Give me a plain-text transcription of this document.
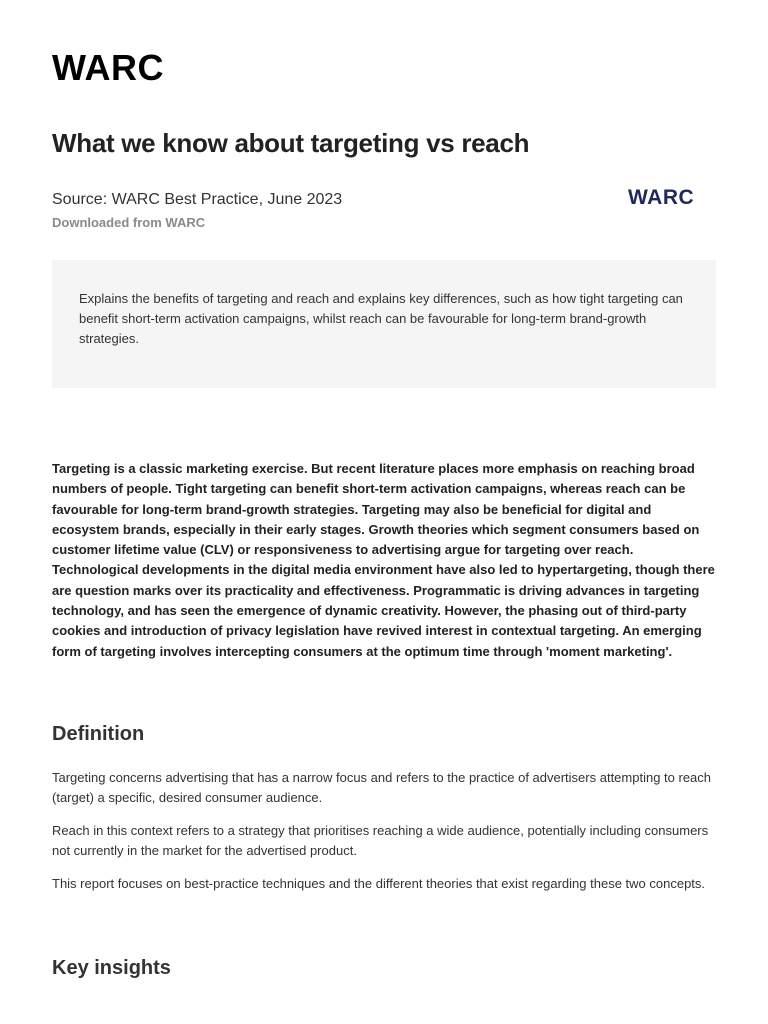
WARC
What we know about targeting vs reach
Source: WARC Best Practice, June 2023
Downloaded from WARC
WARC

Explains the benefits of targeting and reach and explains key differences, such as how tight targeting can benefit short-term activation campaigns, whilst reach can be favourable for long-term brand-growth strategies.

Targeting is a classic marketing exercise. But recent literature places more emphasis on reaching broad numbers of people. Tight targeting can benefit short-term activation campaigns, whereas reach can be favourable for long-term brand-growth strategies. Targeting may also be beneficial for digital and ecosystem brands, especially in their early stages. Growth theories which segment consumers based on customer lifetime value (CLV) or responsiveness to advertising argue for targeting over reach. Technological developments in the digital media environment have also led to hypertargeting, though there are question marks over its practicality and effectiveness. Programmatic is driving advances in targeting technology, and has seen the emergence of dynamic creativity. However, the phasing out of third-party cookies and introduction of privacy legislation have revived interest in contextual targeting. An emerging form of targeting involves intercepting consumers at the optimum time through 'moment marketing'.

Definition

Targeting concerns advertising that has a narrow focus and refers to the practice of advertisers attempting to reach (target) a specific, desired consumer audience.

Reach in this context refers to a strategy that prioritises reaching a wide audience, potentially including consumers not currently in the market for the advertised product.

This report focuses on best-practice techniques and the different theories that exist regarding these two concepts.

Key insights
